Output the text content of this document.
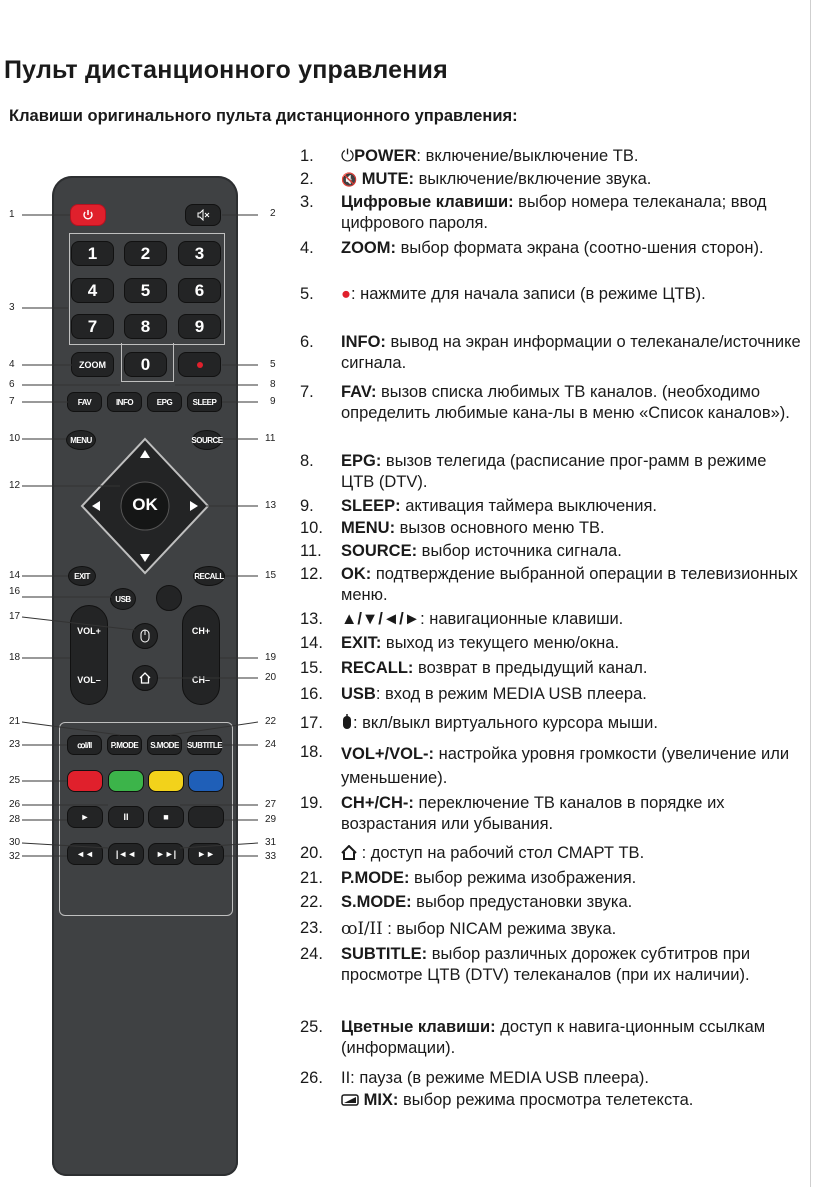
Пульт дистанционного управления

Клавиши оригинального пульта дистанционного управления:

1	2	3
4	5	6
7	8	9
ZOOM	0
FAV	INFO	EPG	SLEEP
MENU	SOURCE
OK
EXIT	RECALL
USB
VOL+
VOL–
CH+
CH–
ꝏI/II	P.MODE	S.MODE	SUBTITLE
►	II	■
◄◄	|◄◄	►►|	►►
1	2
3
4	5
6	8
7	9
10	11
12
13
14	15
16
17
18	19
20
21	22
23	24
25
26	27
28	29
30	31
32	33
1.	⏻POWER: включение/выключение ТВ.
2.	🔇 MUTE: выключение/включение звука.
3.	Цифровые клавиши: выбор номера телеканала; ввод цифрового пароля.
4.	ZOOM: выбор формата экрана (соотно-шения сторон).
5.	●: нажмите для начала записи (в режиме ЦТВ).
6.	INFO: вывод на экран информации о телеканале/источнике сигнала.
7.	FAV: вызов списка любимых ТВ каналов. (необходимо определить любимые кана-лы в меню «Список каналов»).
8.	EPG: вызов телегида (расписание прог-рамм в режиме ЦТВ (DTV).
9.	SLEEP: активация таймера выключения.
10.	MENU: вызов основного меню ТВ.
11.	SOURCE: выбор источника сигнала.
12.	OK: подтверждение выбранной операции в телевизионных меню.
13.	▲/▼/◄/►: навигационные клавиши.
14.	EXIT: выход из текущего меню/окна.
15.	RECALL: возврат в предыдущий канал.
16.	USB: вход в режим MEDIA USB плеера.
17.	: вкл/выкл виртуального курсора мыши.
18.	VOL+/VOL-: настройка уровня громкости (увеличение или уменьшение).
19.	CH+/CH-: переключение ТВ каналов в порядке их возрастания или убывания.
20.	: доступ на рабочий стол СМАРТ ТВ.
21.	P.MODE: выбор режима изображения.
22.	S.MODE: выбор предустановки звука.
23.	ꝏI/II : выбор NICAM режима звука.
24.	SUBTITLE: выбор различных дорожек субтитров при просмотре ЦТВ (DTV) телеканалов (при их наличии).
25.	Цветные клавиши: доступ к навига-ционным ссылкам (информации).
26.	II: пауза (в режиме MEDIA USB плеера).
MIX: выбор режима просмотра телетекста.
